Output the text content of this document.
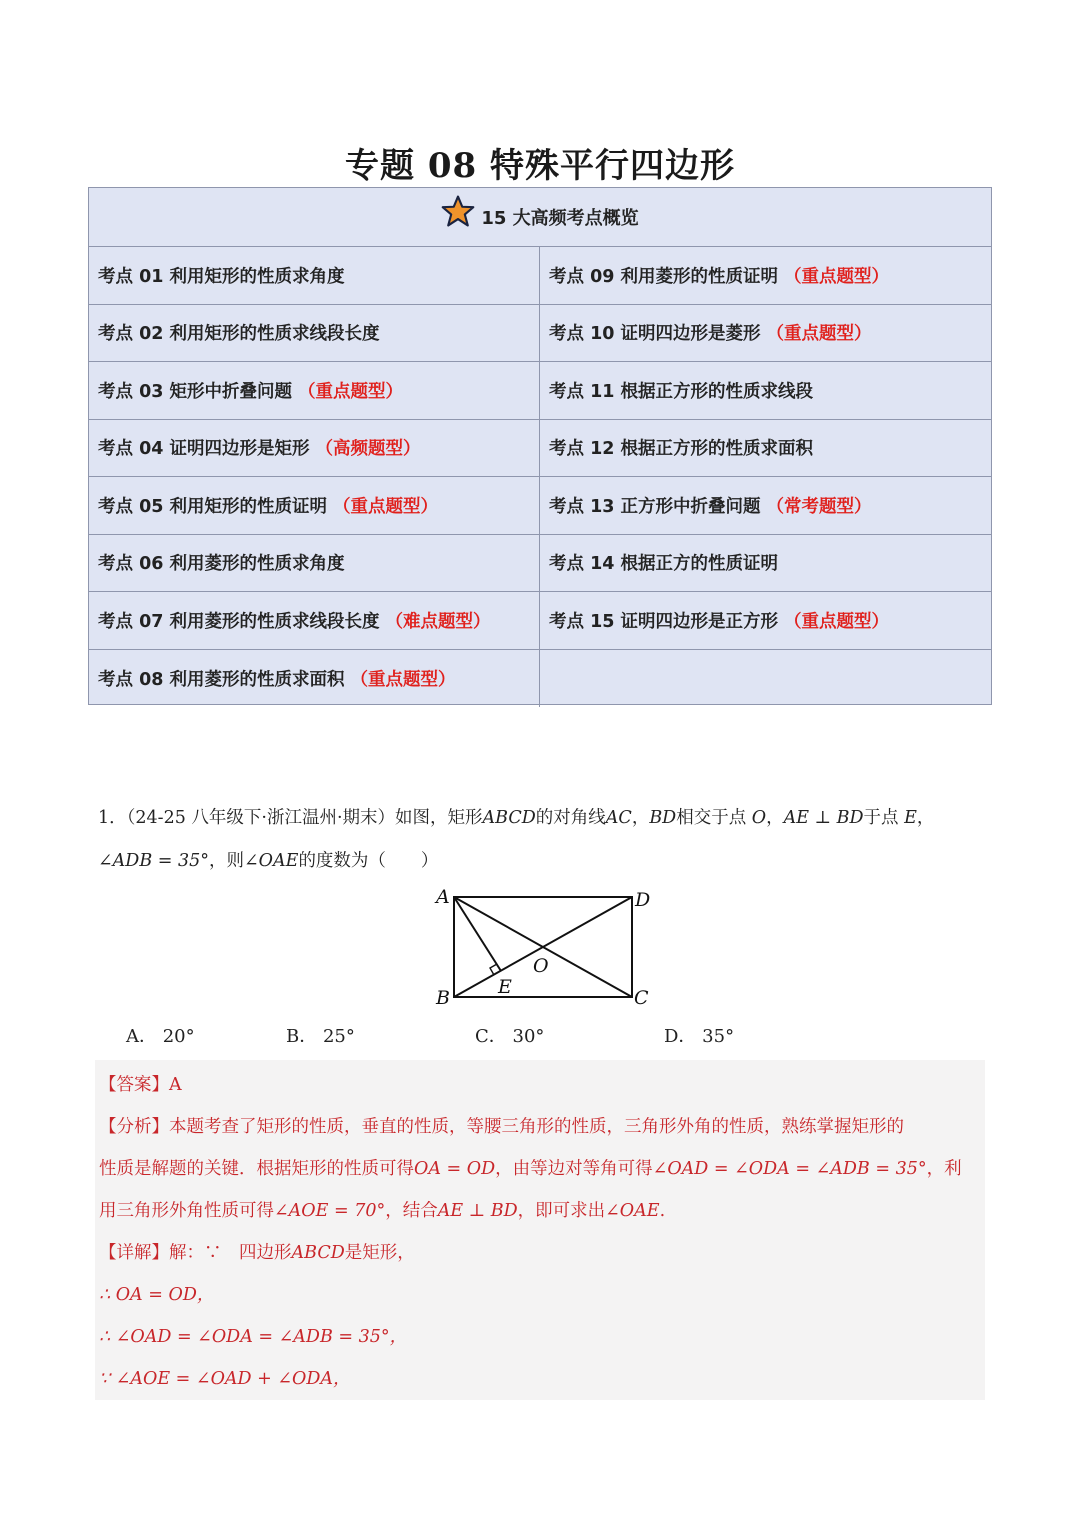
专题 08 特殊平行四边形
15 大高频考点概览
考点 01 利用矩形的性质求角度	考点 09 利用菱形的性质证明 （重点题型）
考点 02 利用矩形的性质求线段长度	考点 10 证明四边形是菱形 （重点题型）
考点 03 矩形中折叠问题 （重点题型）	考点 11 根据正方形的性质求线段
考点 04 证明四边形是矩形 （高频题型）	考点 12 根据正方形的性质求面积
考点 05 利用矩形的性质证明 （重点题型）	考点 13 正方形中折叠问题 （常考题型）
考点 06 利用菱形的性质求角度	考点 14 根据正方的性质证明
考点 07 利用菱形的性质求线段长度 （难点题型）	考点 15 证明四边形是正方形 （重点题型）
考点 08 利用菱形的性质求面积 （重点题型）
1．（24-25 八年级下·浙江温州·期末）如图，矩形ABCD的对角线AC，BD相交于点 O，AE ⊥ BD于点 E，
∠ADB = 35°，则∠OAE的度数为（　　）
A	D
B	C
O
E
A． 20°	B． 25°	C． 30°	D． 35°
【答案】A
【分析】本题考查了矩形的性质，垂直的性质，等腰三角形的性质，三角形外角的性质，熟练掌握矩形的
性质是解题的关键．根据矩形的性质可得OA = OD，由等边对等角可得∠OAD = ∠ODA = ∠ADB = 35°，利
用三角形外角性质可得∠AOE = 70°，结合AE ⊥ BD，即可求出∠OAE.
【详解】解：∵　四边形ABCD是矩形，
∴ OA = OD，
∴ ∠OAD = ∠ODA = ∠ADB = 35°，
∵ ∠AOE = ∠OAD + ∠ODA，
